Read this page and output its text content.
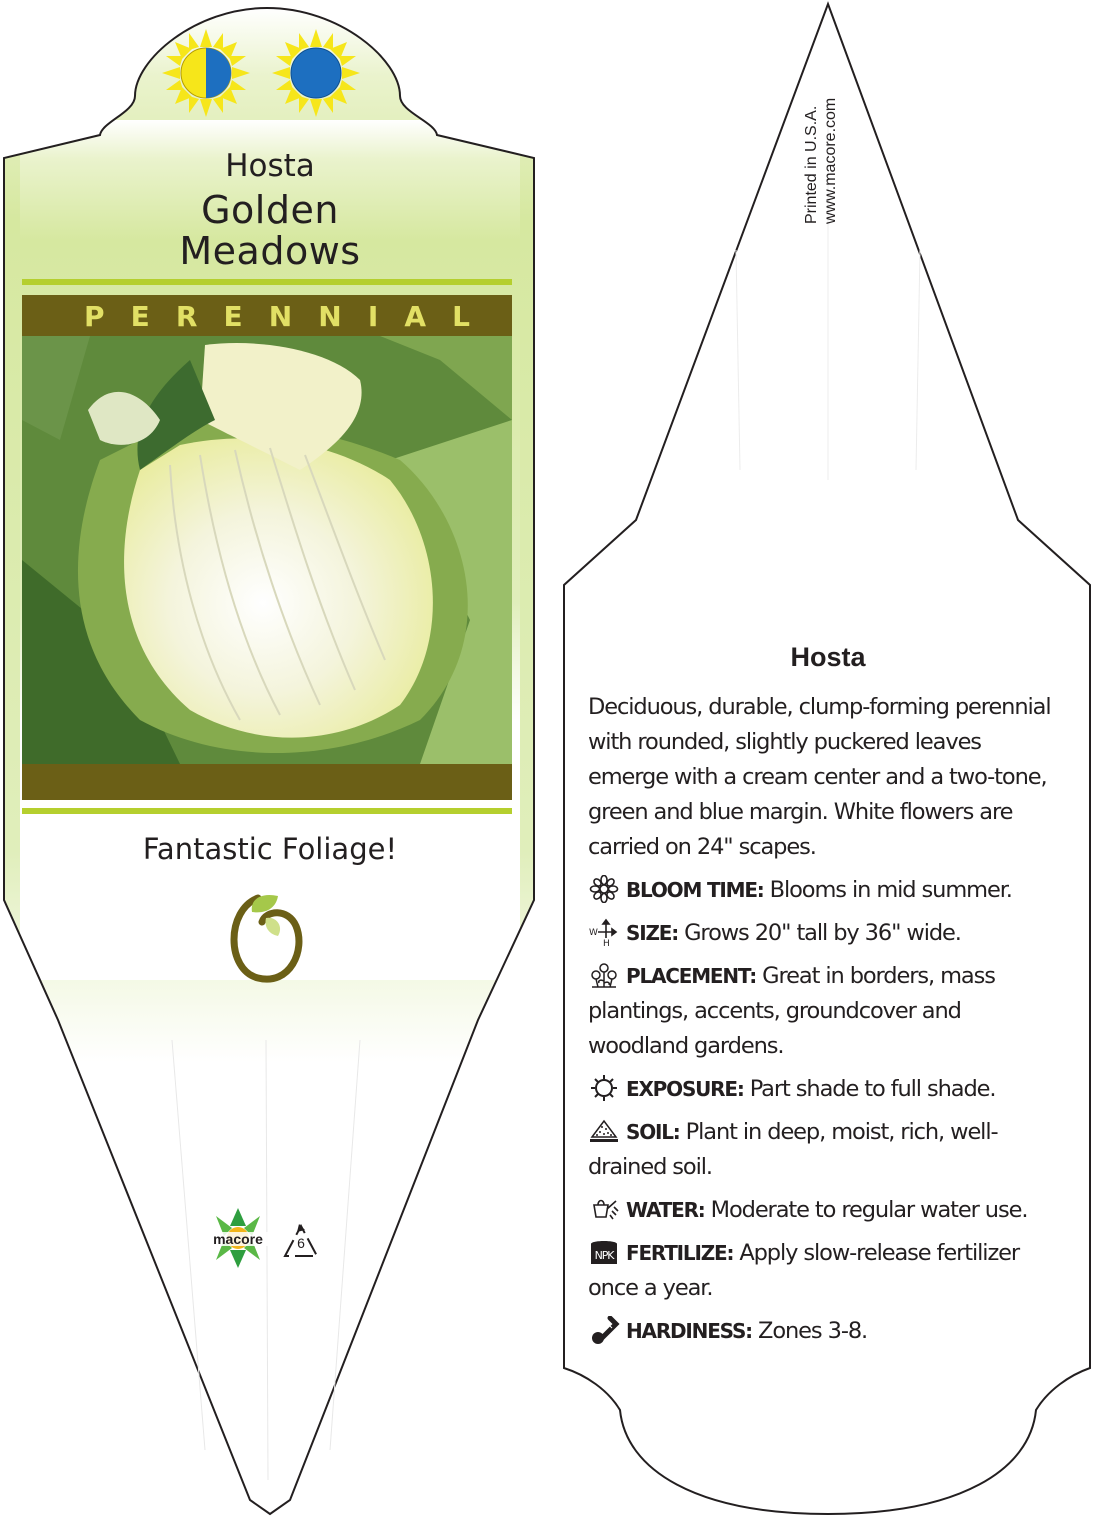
Hosta
Golden
Meadows
P E R E N N I A L
Fantastic Foliage!
macore	6
Printed in U.S.A. www.macore.com
Hosta

Deciduous, durable, clump-forming perennial with rounded, slightly puckered leaves emerge with a cream center and a two-tone, green and blue margin. White flowers are carried on 24" scapes.

BLOOM TIME: Blooms in mid summer.

W
H SIZE: Grows 20" tall by 36" wide.

PLACEMENT: Great in borders, mass plantings, accents, groundcover and woodland gardens.

EXPOSURE: Part shade to full shade.

SOIL: Plant in deep, moist, rich, well-drained soil.

WATER: Moderate to regular water use.

NPK FERTILIZE: Apply slow-release fertilizer once a year.

HARDINESS: Zones 3-8.
